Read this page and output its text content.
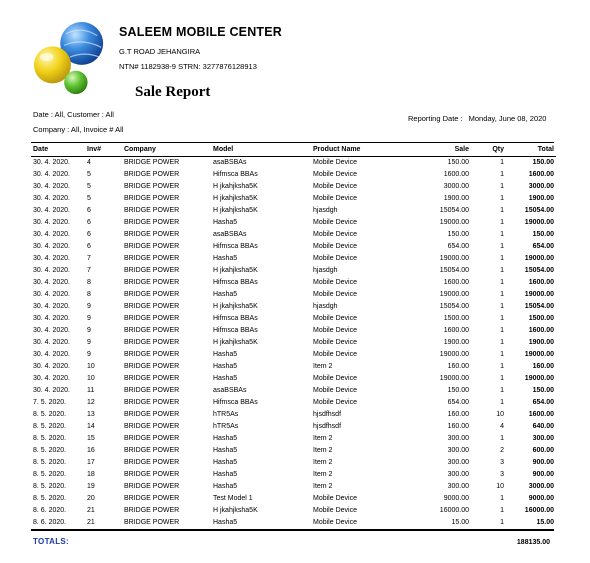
SALEEM MOBILE CENTER
G.T ROAD JEHANGIRA
NTN# 1182938-9 STRN: 3277876128913
Sale Report
Date : All, Customer : All
Company : All, Invoice # All
Reporting Date : Monday, June 08, 2020
Date	Inv#	Company	Model	Product Name	Sale	Qty	Total
30. 4. 2020.	4	BRIDGE POWER	asaBSBAs	Mobile Device	150.00	1	150.00
30. 4. 2020.	5	BRIDGE POWER	Hifmsca BBAs	Mobile Device	1600.00	1	1600.00
30. 4. 2020.	5	BRIDGE POWER	H jkahjksha5K	Mobile Device	3000.00	1	3000.00
30. 4. 2020.	5	BRIDGE POWER	H jkahjksha5K	Mobile Device	1900.00	1	1900.00
30. 4. 2020.	6	BRIDGE POWER	H jkahjksha5K	hjasdgh	15054.00	1	15054.00
30. 4. 2020.	6	BRIDGE POWER	Hasha5	Mobile Device	19000.00	1	19000.00
30. 4. 2020.	6	BRIDGE POWER	asaBSBAs	Mobile Device	150.00	1	150.00
30. 4. 2020.	6	BRIDGE POWER	Hifmsca BBAs	Mobile Device	654.00	1	654.00
30. 4. 2020.	7	BRIDGE POWER	Hasha5	Mobile Device	19000.00	1	19000.00
30. 4. 2020.	7	BRIDGE POWER	H jkahjksha5K	hjasdgh	15054.00	1	15054.00
30. 4. 2020.	8	BRIDGE POWER	Hifmsca BBAs	Mobile Device	1600.00	1	1600.00
30. 4. 2020.	8	BRIDGE POWER	Hasha5	Mobile Device	19000.00	1	19000.00
30. 4. 2020.	9	BRIDGE POWER	H jkahjksha5K	hjasdgh	15054.00	1	15054.00
30. 4. 2020.	9	BRIDGE POWER	Hifmsca BBAs	Mobile Device	1500.00	1	1500.00
30. 4. 2020.	9	BRIDGE POWER	Hifmsca BBAs	Mobile Device	1600.00	1	1600.00
30. 4. 2020.	9	BRIDGE POWER	H jkahjksha5K	Mobile Device	1900.00	1	1900.00
30. 4. 2020.	9	BRIDGE POWER	Hasha5	Mobile Device	19000.00	1	19000.00
30. 4. 2020.	10	BRIDGE POWER	Hasha5	Item 2	160.00	1	160.00
30. 4. 2020.	10	BRIDGE POWER	Hasha5	Mobile Device	19000.00	1	19000.00
30. 4. 2020.	11	BRIDGE POWER	asaBSBAs	Mobile Device	150.00	1	150.00
7. 5. 2020.	12	BRIDGE POWER	Hifmsca BBAs	Mobile Device	654.00	1	654.00
8. 5. 2020.	13	BRIDGE POWER	hTR5As	hjsdfhsdf	160.00	10	1600.00
8. 5. 2020.	14	BRIDGE POWER	hTR5As	hjsdfhsdf	160.00	4	640.00
8. 5. 2020.	15	BRIDGE POWER	Hasha5	Item 2	300.00	1	300.00
8. 5. 2020.	16	BRIDGE POWER	Hasha5	Item 2	300.00	2	600.00
8. 5. 2020.	17	BRIDGE POWER	Hasha5	Item 2	300.00	3	900.00
8. 5. 2020.	18	BRIDGE POWER	Hasha5	Item 2	300.00	3	900.00
8. 5. 2020.	19	BRIDGE POWER	Hasha5	Item 2	300.00	10	3000.00
8. 5. 2020.	20	BRIDGE POWER	Test Model 1	Mobile Device	9000.00	1	9000.00
8. 6. 2020.	21	BRIDGE POWER	H jkahjksha5K	Mobile Device	16000.00	1	16000.00
8. 6. 2020.	21	BRIDGE POWER	Hasha5	Mobile Device	15.00	1	15.00
TOTALS:	188135.00
